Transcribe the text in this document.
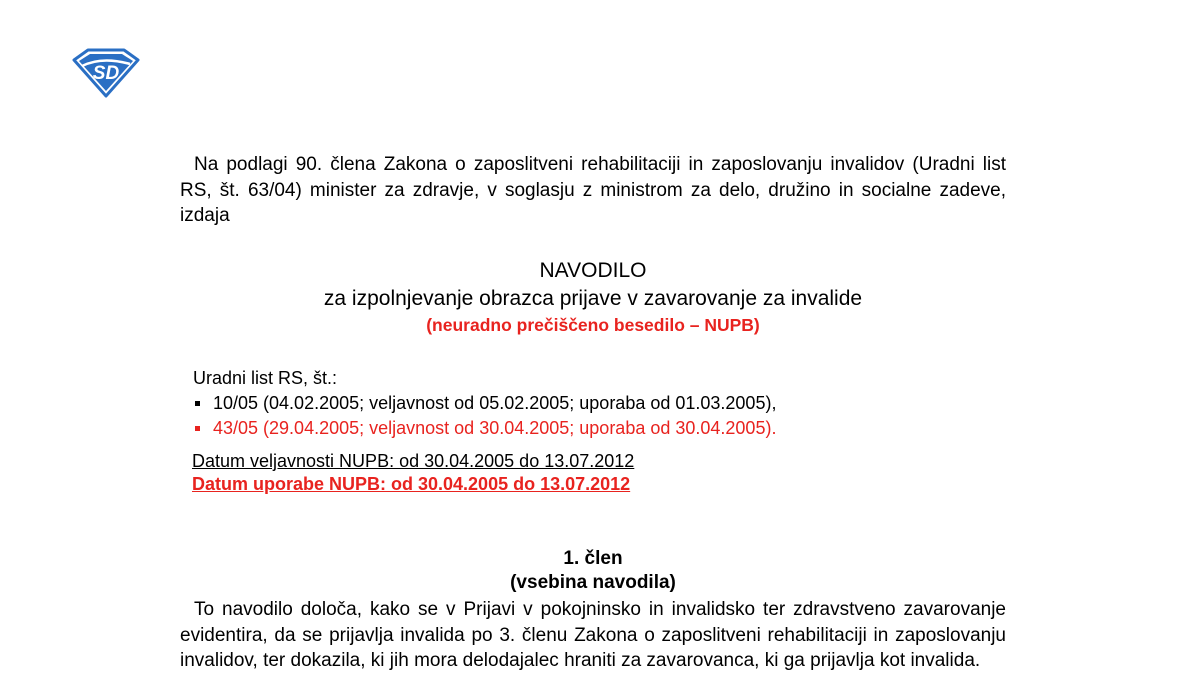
SD

Na podlagi 90. člena Zakona o zaposlitveni rehabilitaciji in zaposlovanju invalidov (Uradni list RS, št. 63/04) minister za zdravje, v soglasju z ministrom za delo, družino in socialne zadeve, izdaja

NAVODILO

za izpolnjevanje obrazca prijave v zavarovanje za invalide

(neuradno prečiščeno besedilo – NUPB)

Uradni list RS, št.:
10/05 (04.02.2005; veljavnost od 05.02.2005; uporaba od 01.03.2005),
43/05 (29.04.2005; veljavnost od 30.04.2005; uporaba od 30.04.2005).
Datum veljavnosti NUPB: od 30.04.2005 do 13.07.2012
Datum uporabe NUPB: od 30.04.2005 do 13.07.2012

1. člen

(vsebina navodila)

To navodilo določa, kako se v Prijavi v pokojninsko in invalidsko ter zdravstveno zavarovanje evidentira, da se prijavlja invalida po 3. členu Zakona o zaposlitveni rehabilitaciji in zaposlovanju invalidov, ter dokazila, ki jih mora delodajalec hraniti za zavarovanca, ki ga prijavlja kot invalida.
